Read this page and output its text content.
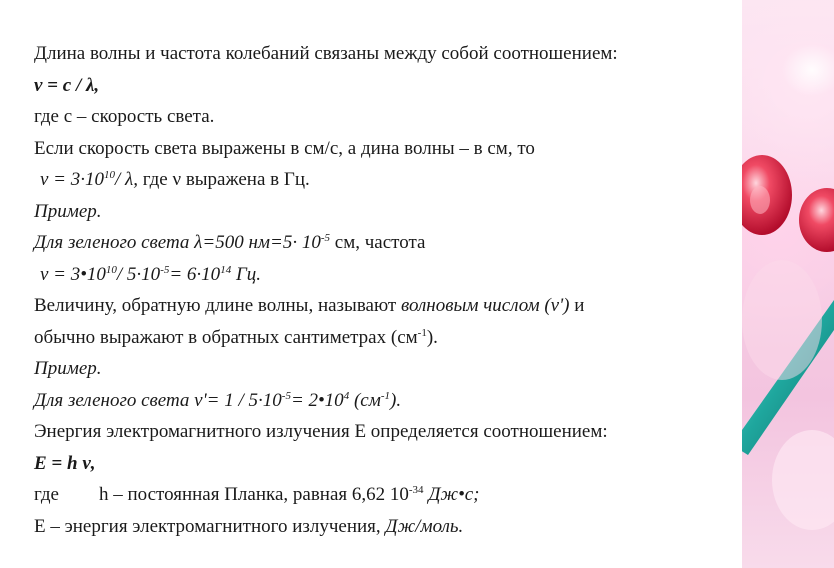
Длина волны и частота колебаний связаны между собой соотношением:
ν = c / λ,
где c – скорость света.
Если скорость света выражены в см/с, а дина волны – в см, то
$\nu = 3\cdot 10^{10}/$ λ, где ν выражена в Гц.
Пример.
Для зеленого света λ=500 $нм=5\cdot 10^{-5}$ см, частота
$\nu = 3•10^{10}/$ $5\cdot 10^{-5}= 6\cdot 10^{14}$ Гц.
Величину, обратную длине волны, называют волновым числом (ν') и
обычно выражают в обратных сантиметрах $(см^{-1})$.
Пример.
Для зеленого света $\nu'= 1 / 5\cdot 10^{-5}=$ $2•10^4$ $(см^{-1})$.
Энергия электромагнитного излучения E определяется соотношением:
E = h ν,
где h – постоянная Планка, равная 6,62 $10^{-34}$ Дж•с;
E – энергия электромагнитного излучения, Дж/моль.
